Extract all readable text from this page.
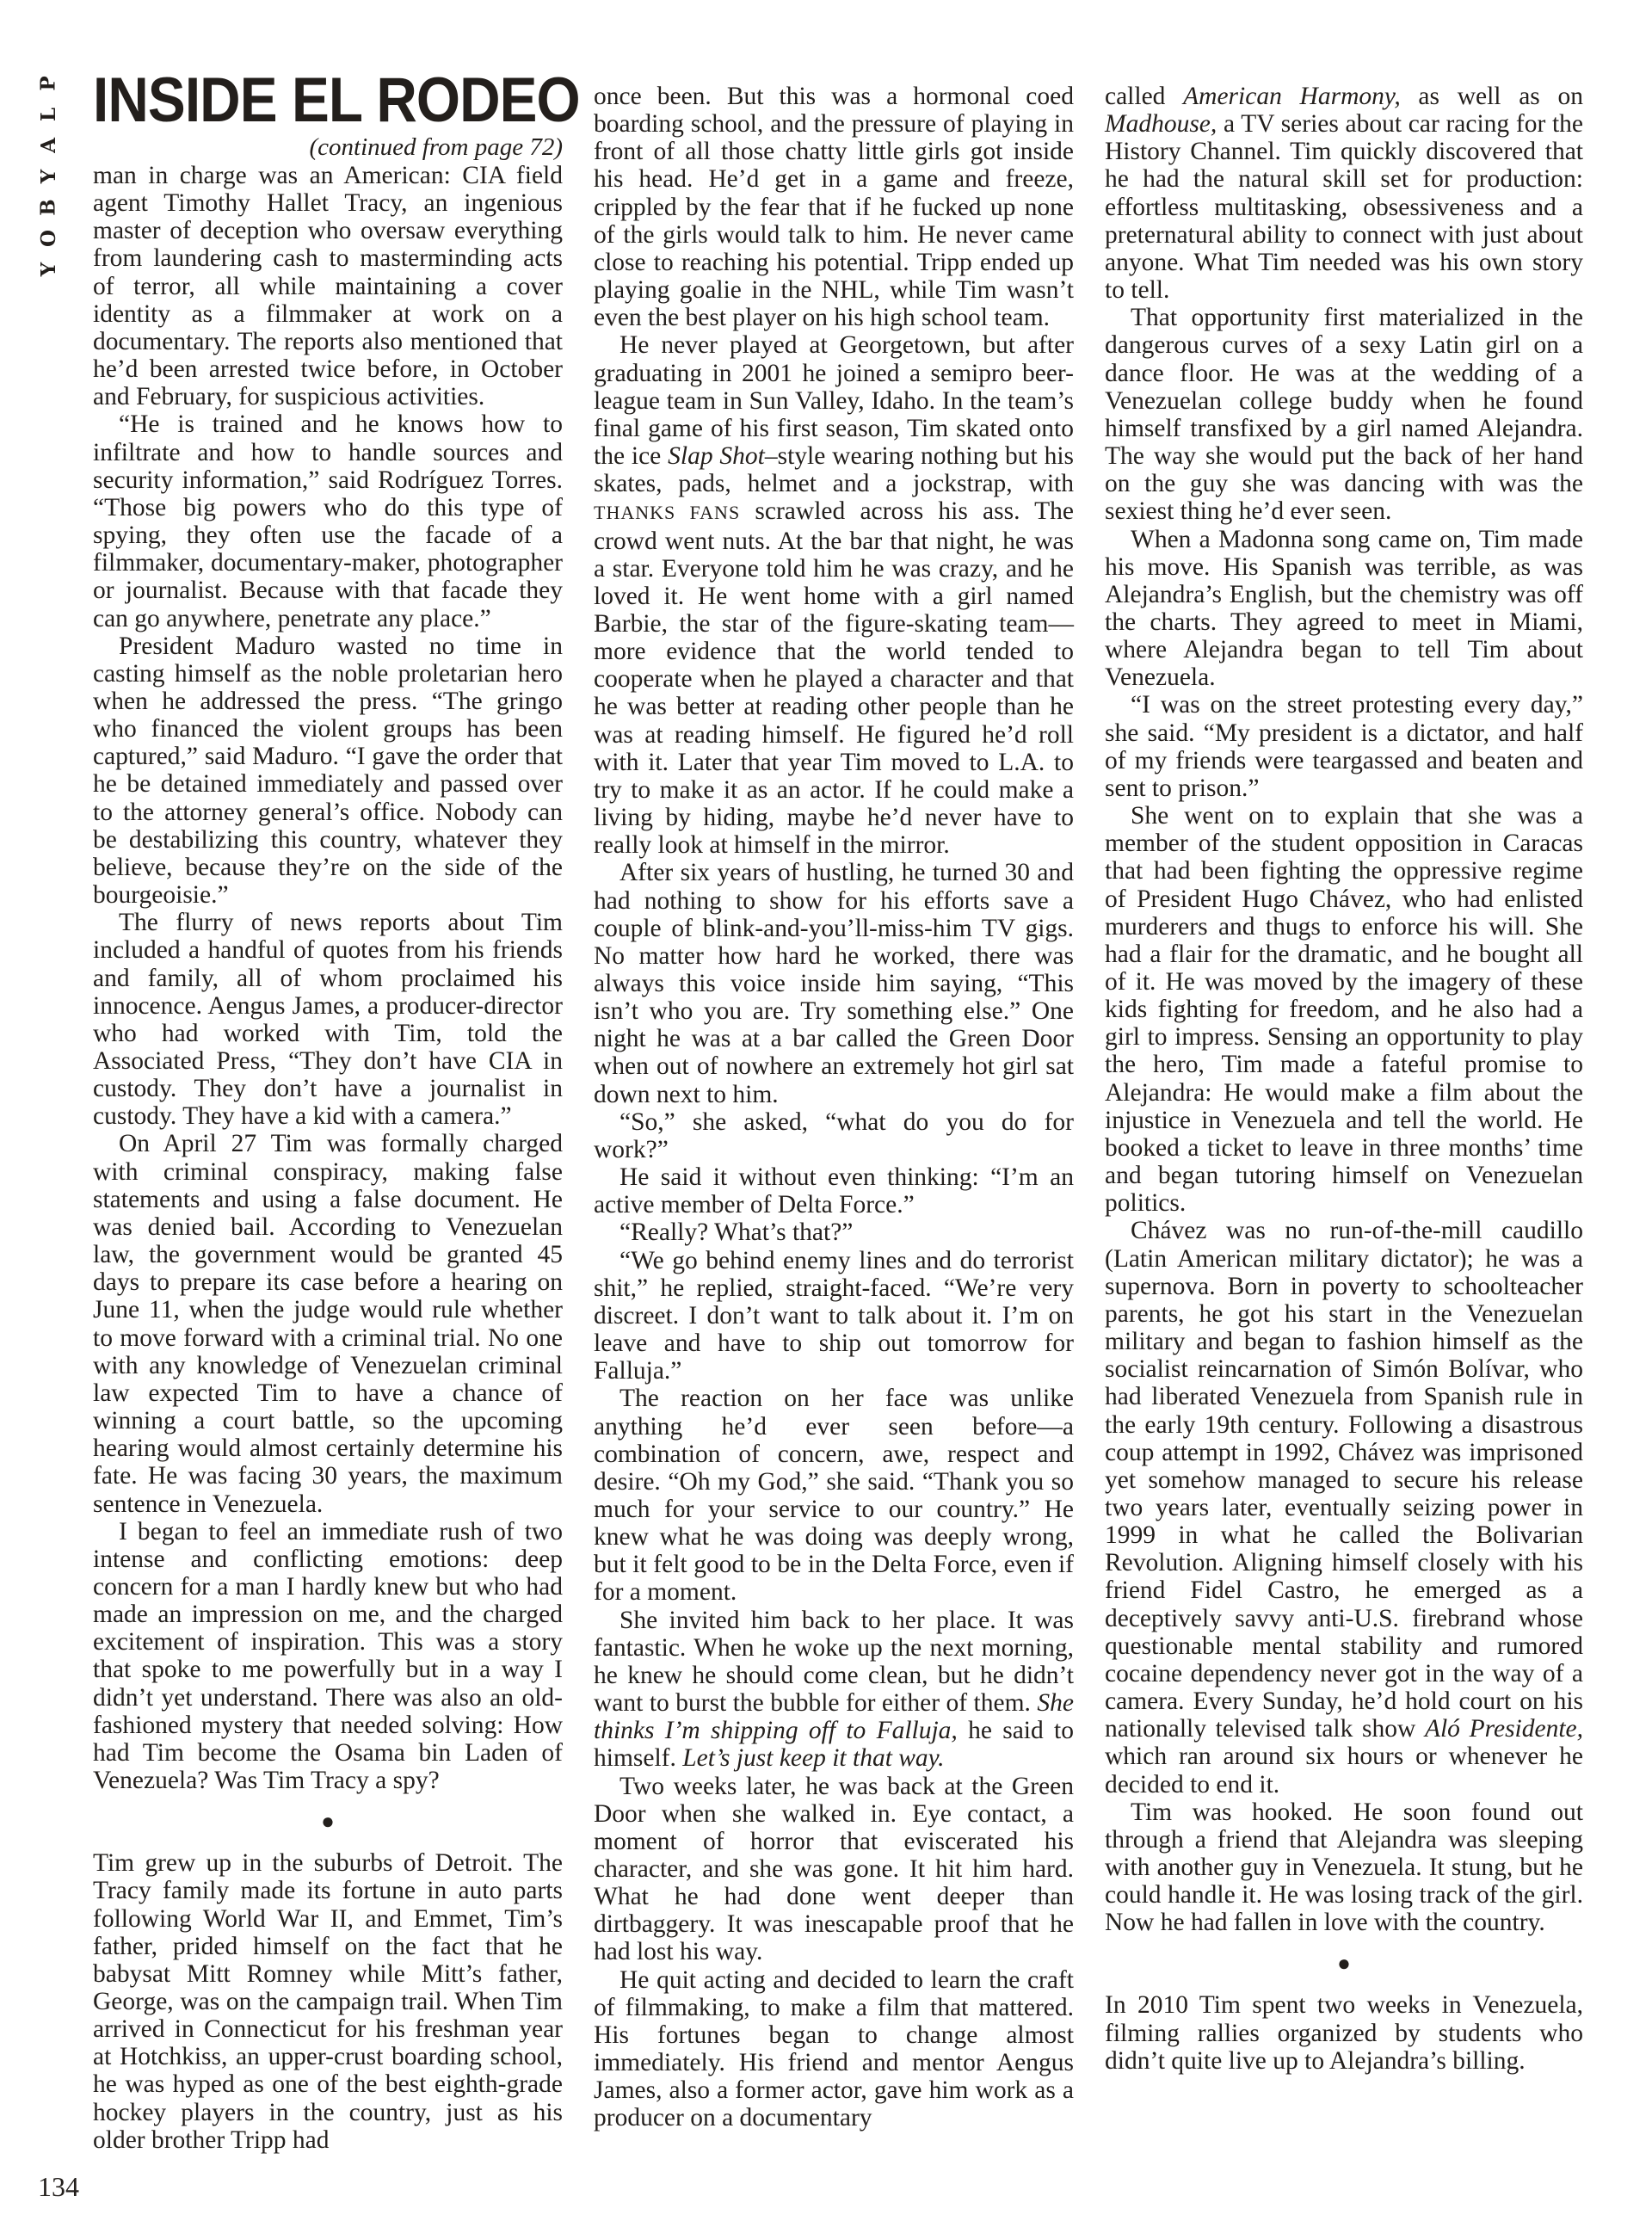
P
L
A
Y
B
O
Y
INSIDE EL RODEO

(continued from page 72)

man in charge was an American: CIA field agent Timothy Hallet Tracy, an ingenious master of deception who oversaw everything from laundering cash to masterminding acts of terror, all while maintaining a cover identity as a filmmaker at work on a documentary. The reports also mentioned that he’d been arrested twice before, in October and February, for suspicious activities.

“He is trained and he knows how to infiltrate and how to handle sources and security information,” said Rodríguez Torres. “Those big powers who do this type of spying, they often use the facade of a filmmaker, documentary-maker, photographer or journalist. Because with that facade they can go anywhere, penetrate any place.”

President Maduro wasted no time in casting himself as the noble proletarian hero when he addressed the press. “The gringo who financed the violent groups has been captured,” said Maduro. “I gave the order that he be detained immediately and passed over to the attorney general’s office. Nobody can be destabilizing this country, whatever they believe, because they’re on the side of the bourgeoisie.”

The flurry of news reports about Tim included a handful of quotes from his friends and family, all of whom proclaimed his innocence. Aengus James, a producer-director who had worked with Tim, told the Associated Press, “They don’t have CIA in custody. They don’t have a journalist in custody. They have a kid with a camera.”

On April 27 Tim was formally charged with criminal conspiracy, making false statements and using a false document. He was denied bail. According to Venezuelan law, the government would be granted 45 days to prepare its case before a hearing on June 11, when the judge would rule whether to move forward with a criminal trial. No one with any knowledge of Venezuelan criminal law expected Tim to have a chance of winning a court battle, so the upcoming hearing would almost certainly determine his fate. He was facing 30 years, the maximum sentence in Venezuela.

I began to feel an immediate rush of two intense and conflicting emotions: deep concern for a man I hardly knew but who had made an impression on me, and the charged excitement of inspiration. This was a story that spoke to me powerfully but in a way I didn’t yet understand. There was also an old-fashioned mystery that needed solving: How had Tim become the Osama bin Laden of Venezuela? Was Tim Tracy a spy?

●

Tim grew up in the suburbs of Detroit. The Tracy family made its fortune in auto parts following World War II, and Emmet, Tim’s father, prided himself on the fact that he babysat Mitt Romney while Mitt’s father, George, was on the campaign trail. When Tim arrived in Connecticut for his freshman year at Hotchkiss, an upper-crust boarding school, he was hyped as one of the best eighth-grade hockey players in the country, just as his older brother Tripp had

once been. But this was a hormonal coed boarding school, and the pressure of playing in front of all those chatty little girls got inside his head. He’d get in a game and freeze, crippled by the fear that if he fucked up none of the girls would talk to him. He never came close to reaching his potential. Tripp ended up playing goalie in the NHL, while Tim wasn’t even the best player on his high school team.

He never played at Georgetown, but after graduating in 2001 he joined a semipro beer-league team in Sun Valley, Idaho. In the team’s final game of his first season, Tim skated onto the ice Slap Shot–style wearing nothing but his skates, pads, helmet and a jockstrap, with THANKS FANS scrawled across his ass. The crowd went nuts. At the bar that night, he was a star. Everyone told him he was crazy, and he loved it. He went home with a girl named Barbie, the star of the figure-skating team—more evidence that the world tended to cooperate when he played a character and that he was better at reading other people than he was at reading himself. He figured he’d roll with it. Later that year Tim moved to L.A. to try to make it as an actor. If he could make a living by hiding, maybe he’d never have to really look at himself in the mirror.

After six years of hustling, he turned 30 and had nothing to show for his efforts save a couple of blink-and-you’ll-miss-him TV gigs. No matter how hard he worked, there was always this voice inside him saying, “This isn’t who you are. Try something else.” One night he was at a bar called the Green Door when out of nowhere an extremely hot girl sat down next to him.

“So,” she asked, “what do you do for work?”

He said it without even thinking: “I’m an active member of Delta Force.”

“Really? What’s that?”

“We go behind enemy lines and do terrorist shit,” he replied, straight-faced. “We’re very discreet. I don’t want to talk about it. I’m on leave and have to ship out tomorrow for Falluja.”

The reaction on her face was unlike anything he’d ever seen before—a combination of concern, awe, respect and desire. “Oh my God,” she said. “Thank you so much for your service to our country.” He knew what he was doing was deeply wrong, but it felt good to be in the Delta Force, even if for a moment.

She invited him back to her place. It was fantastic. When he woke up the next morning, he knew he should come clean, but he didn’t want to burst the bubble for either of them. She thinks I’m shipping off to Falluja, he said to himself. Let’s just keep it that way.

Two weeks later, he was back at the Green Door when she walked in. Eye contact, a moment of horror that eviscerated his character, and she was gone. It hit him hard. What he had done went deeper than dirtbaggery. It was inescapable proof that he had lost his way.

He quit acting and decided to learn the craft of filmmaking, to make a film that mattered. His fortunes began to change almost immediately. His friend and mentor Aengus James, also a former actor, gave him work as a producer on a documentary

called American Harmony, as well as on Madhouse, a TV series about car racing for the History Channel. Tim quickly discovered that he had the natural skill set for production: effortless multitasking, obsessiveness and a preternatural ability to connect with just about anyone. What Tim needed was his own story to tell.

That opportunity first materialized in the dangerous curves of a sexy Latin girl on a dance floor. He was at the wedding of a Venezuelan college buddy when he found himself transfixed by a girl named Alejandra. The way she would put the back of her hand on the guy she was dancing with was the sexiest thing he’d ever seen.

When a Madonna song came on, Tim made his move. His Spanish was terrible, as was Alejandra’s English, but the chemistry was off the charts. They agreed to meet in Miami, where Alejandra began to tell Tim about Venezuela.

“I was on the street protesting every day,” she said. “My president is a dictator, and half of my friends were teargassed and beaten and sent to prison.”

She went on to explain that she was a member of the student opposition in Caracas that had been fighting the oppressive regime of President Hugo Chávez, who had enlisted murderers and thugs to enforce his will. She had a flair for the dramatic, and he bought all of it. He was moved by the imagery of these kids fighting for freedom, and he also had a girl to impress. Sensing an opportunity to play the hero, Tim made a fateful promise to Alejandra: He would make a film about the injustice in Venezuela and tell the world. He booked a ticket to leave in three months’ time and began tutoring himself on Venezuelan politics.

Chávez was no run-of-the-mill caudillo (Latin American military dictator); he was a supernova. Born in poverty to schoolteacher parents, he got his start in the Venezuelan military and began to fashion himself as the socialist reincarnation of Simón Bolívar, who had liberated Venezuela from Spanish rule in the early 19th century. Following a disastrous coup attempt in 1992, Chávez was imprisoned yet somehow managed to secure his release two years later, eventually seizing power in 1999 in what he called the Bolivarian Revolution. Aligning himself closely with his friend Fidel Castro, he emerged as a deceptively savvy anti-U.S. firebrand whose questionable mental stability and rumored cocaine dependency never got in the way of a camera. Every Sunday, he’d hold court on his nationally televised talk show Aló Presidente, which ran around six hours or whenever he decided to end it.

Tim was hooked. He soon found out through a friend that Alejandra was sleeping with another guy in Venezuela. It stung, but he could handle it. He was losing track of the girl. Now he had fallen in love with the country.

●

In 2010 Tim spent two weeks in Venezuela, filming rallies organized by students who didn’t quite live up to Alejandra’s billing.

134
